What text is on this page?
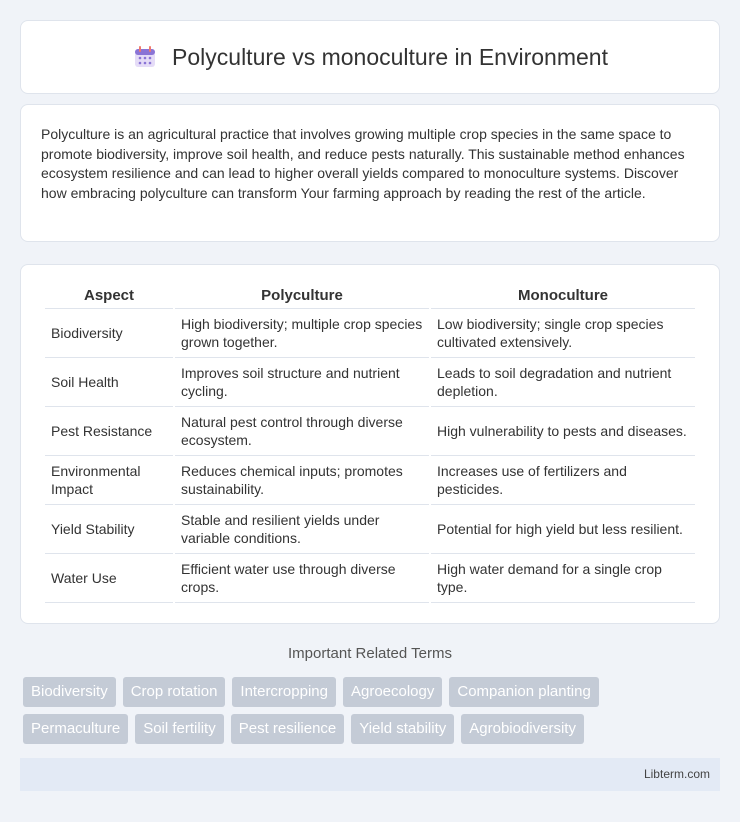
Polyculture vs monoculture in Environment

Polyculture is an agricultural practice that involves growing multiple crop species in the same space to promote biodiversity, improve soil health, and reduce pests naturally. This sustainable method enhances ecosystem resilience and can lead to higher overall yields compared to monoculture systems. Discover how embracing polyculture can transform Your farming approach by reading the rest of the article.

Aspect	Polyculture	Monoculture
Biodiversity	High biodiversity; multiple crop species grown together.	Low biodiversity; single crop species cultivated extensively.
Soil Health	Improves soil structure and nutrient cycling.	Leads to soil degradation and nutrient depletion.
Pest Resistance	Natural pest control through diverse ecosystem.	High vulnerability to pests and diseases.
Environmental Impact	Reduces chemical inputs; promotes sustainability.	Increases use of fertilizers and pesticides.
Yield Stability	Stable and resilient yields under variable conditions.	Potential for high yield but less resilient.
Water Use	Efficient water use through diverse crops.	High water demand for a single crop type.
Important Related Terms
Biodiversity	Crop rotation	Intercropping	Agroecology	Companion planting
Permaculture	Soil fertility	Pest resilience	Yield stability	Agrobiodiversity
Libterm.com
